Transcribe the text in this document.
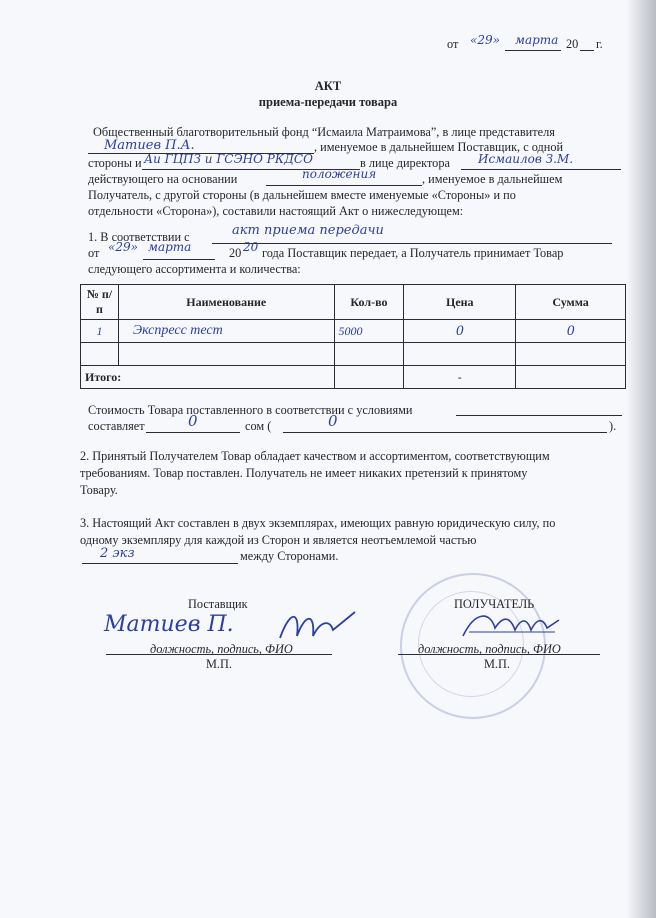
от «29» марта 20 г.
АКТ
приема-передачи товара
Общественный благотворительный фонд “Исмаила Матраимова”, в лице представителя
Матиев П.А.	, именуемое в дальнейшем Поставщик, с одной
стороны и Аи ГЦПЗ и ГСЭНО РКДСО	в лице директора Исмаилов З.М.
действующего на основании	положения	, именуемое в дальнейшем
Получатель, с другой стороны (в дальнейшем вместе именуемые «Стороны» и по
отдельности «Сторона»), составили настоящий Акт о нижеследующем:
1. В соответствии с	акт приема передачи
от «29» марта	20 20 года Поставщик передает, а Получатель принимает Товар
следующего ассортимента и количества:
№ п/п	Наименование	Кол-во	Цена	Сумма
1	Экспресс тест	5000	0	0

Итого:			-	
Стоимость Товара поставленного в соответствии с условиями
составляет	0	сом (	0	).
2. Принятый Получателем Товар обладает качеством и ассортиментом, соответствующим
требованиям. Товар поставлен. Получатель не имеет никаких претензий к принятому
Товару.
3. Настоящий Акт составлен в двух экземплярах, имеющих равную юридическую силу, по
одному экземпляру для каждой из Сторон и является неотъемлемой частью
2 экз	между Сторонами.
Поставщик	ПОЛУЧАТЕЛЬ
Матиев П.
должность, подпись, ФИО
М.П.
должность, подпись, ФИО
М.П.
